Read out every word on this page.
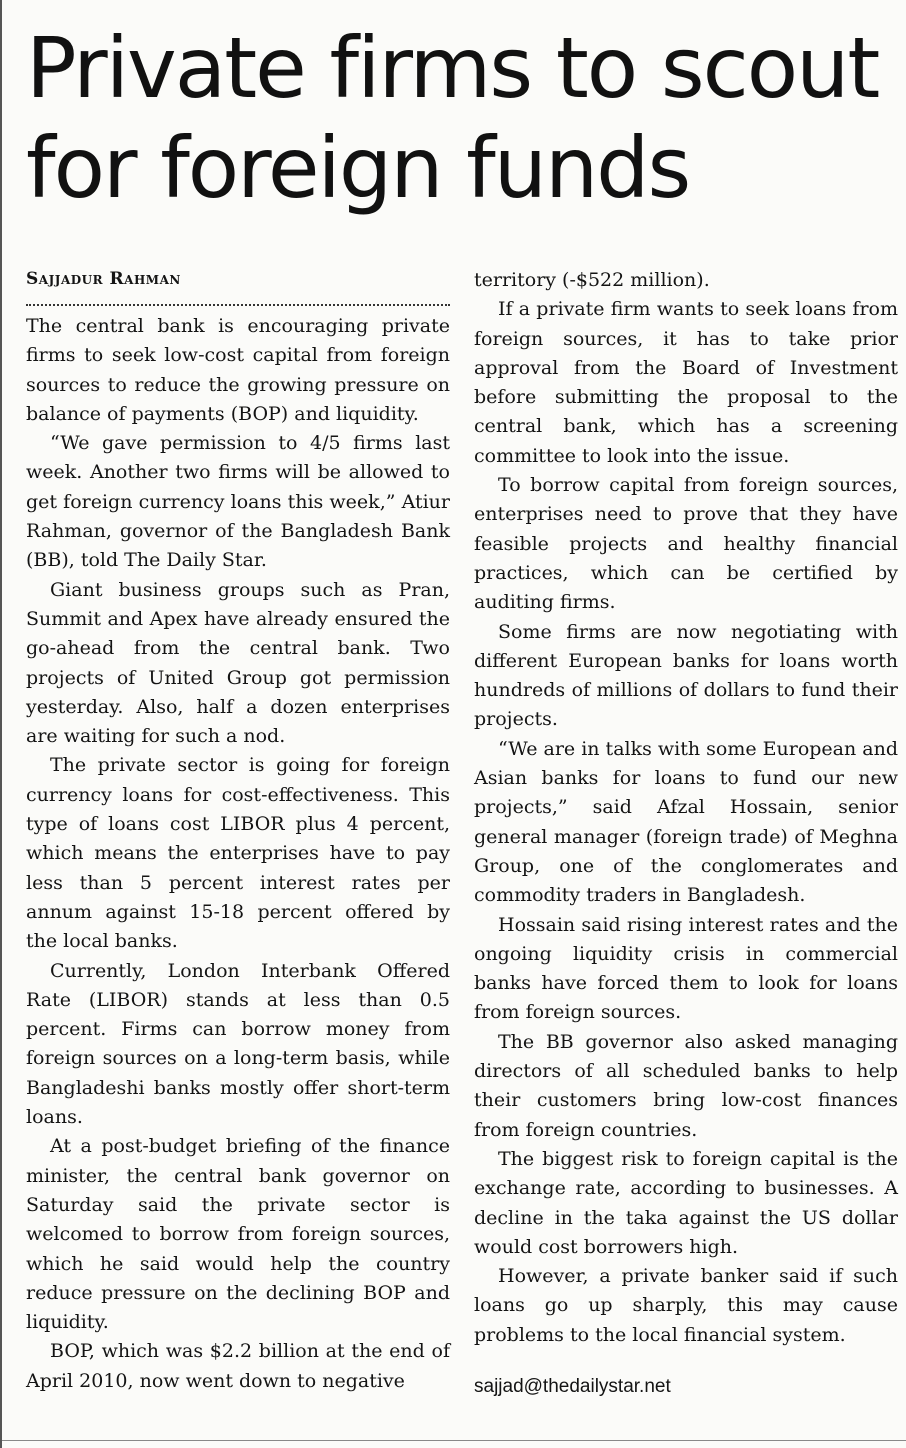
Private firms to scout for foreign funds
Sajjadur Rahman

The central bank is encouraging private firms to seek low-cost capital from foreign sources to reduce the growing pressure on balance of payments (BOP) and liquidity.

“We gave permission to 4/5 firms last week. Another two firms will be allowed to get foreign currency loans this week,” Atiur Rahman, governor of the Bangladesh Bank (BB), told The Daily Star.

Giant business groups such as Pran, Summit and Apex have already ensured the go-ahead from the central bank. Two projects of United Group got permission yesterday. Also, half a dozen enterprises are waiting for such a nod.

The private sector is going for foreign currency loans for cost-effectiveness. This type of loans cost LIBOR plus 4 percent, which means the enterprises have to pay less than 5 percent interest rates per annum against 15-18 percent offered by the local banks.

Currently, London Interbank Offered Rate (LIBOR) stands at less than 0.5 percent. Firms can borrow money from foreign sources on a long-term basis, while Bangladeshi banks mostly offer short-term loans.

At a post-budget briefing of the finance minister, the central bank governor on Saturday said the private sector is welcomed to borrow from foreign sources, which he said would help the country reduce pressure on the declining BOP and liquidity.

BOP, which was $2.2 billion at the end of April 2010, now went down to negative

territory (-$522 million).

If a private firm wants to seek loans from foreign sources, it has to take prior approval from the Board of Investment before submitting the proposal to the central bank, which has a screening committee to look into the issue.

To borrow capital from foreign sources, enterprises need to prove that they have feasible projects and healthy financial practices, which can be certified by auditing firms.

Some firms are now negotiating with different European banks for loans worth hundreds of millions of dollars to fund their projects.

“We are in talks with some European and Asian banks for loans to fund our new projects,” said Afzal Hossain, senior general manager (foreign trade) of Meghna Group, one of the conglomerates and commodity traders in Bangladesh.

Hossain said rising interest rates and the ongoing liquidity crisis in commercial banks have forced them to look for loans from foreign sources.

The BB governor also asked managing directors of all scheduled banks to help their customers bring low-cost finances from foreign countries.

The biggest risk to foreign capital is the exchange rate, according to businesses. A decline in the taka against the US dollar would cost borrowers high.

However, a private banker said if such loans go up sharply, this may cause problems to the local financial system.

sajjad@thedailystar.net
